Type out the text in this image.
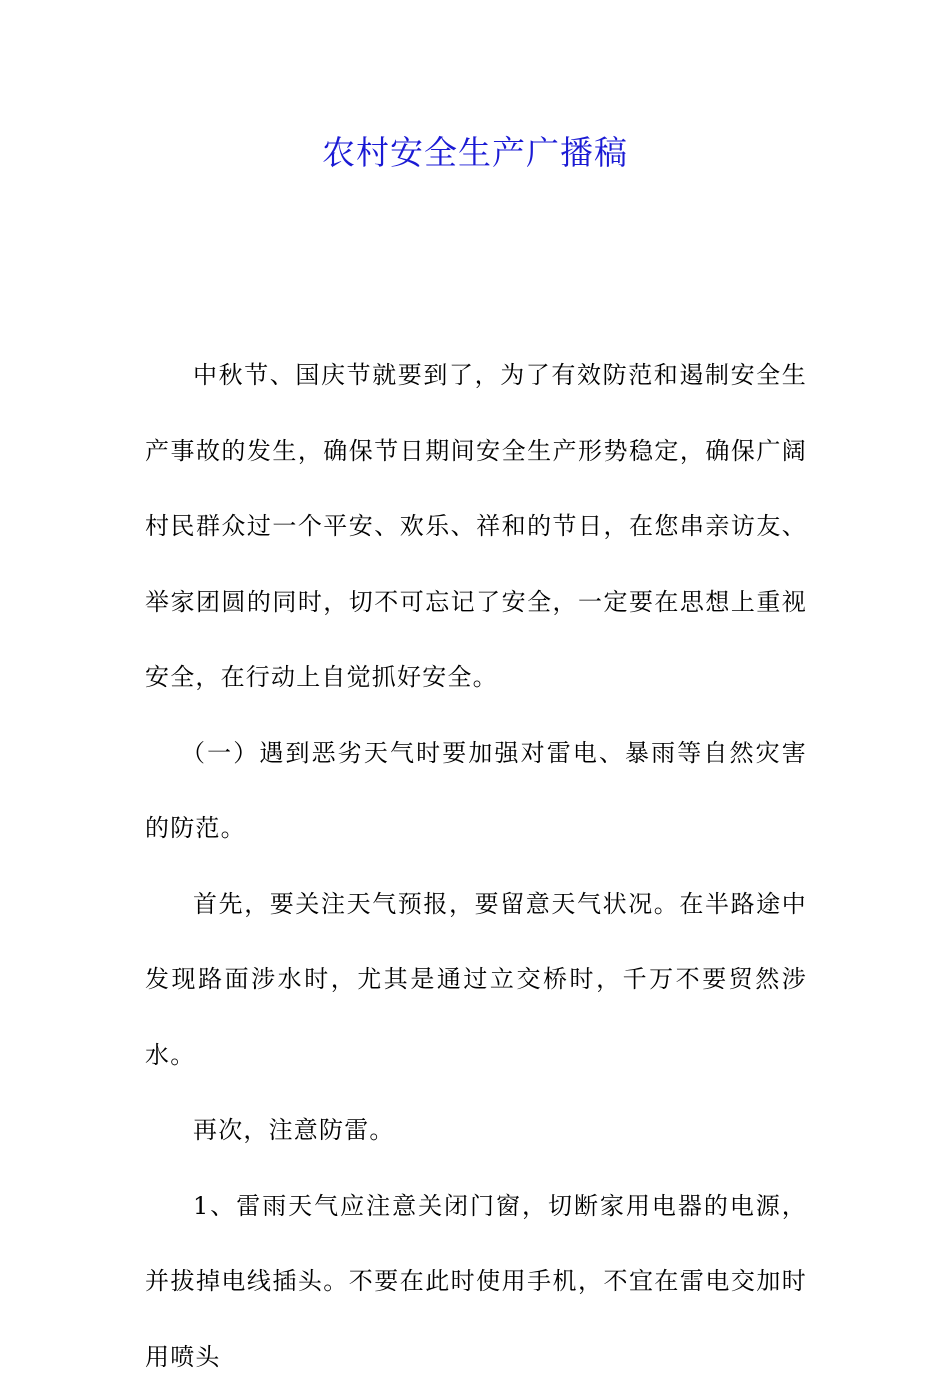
农村安全生产广播稿

中秋节、国庆节就要到了，为了有效防范和遏制安全生产事故的发生，确保节日期间安全生产形势稳定，确保广阔村民群众过一个平安、欢乐、祥和的节日，在您串亲访友、举家团圆的同时，切不可忘记了安全，一定要在思想上重视安全，在行动上自觉抓好安全。

（一）遇到恶劣天气时要加强对雷电、暴雨等自然灾害的防范。

首先，要关注天气预报，要留意天气状况。在半路途中发现路面涉水时，尤其是通过立交桥时，千万不要贸然涉水。

再次，注意防雷。

1、雷雨天气应注意关闭门窗，切断家用电器的电源，并拔掉电线插头。不要在此时使用手机，不宜在雷电交加时用喷头
